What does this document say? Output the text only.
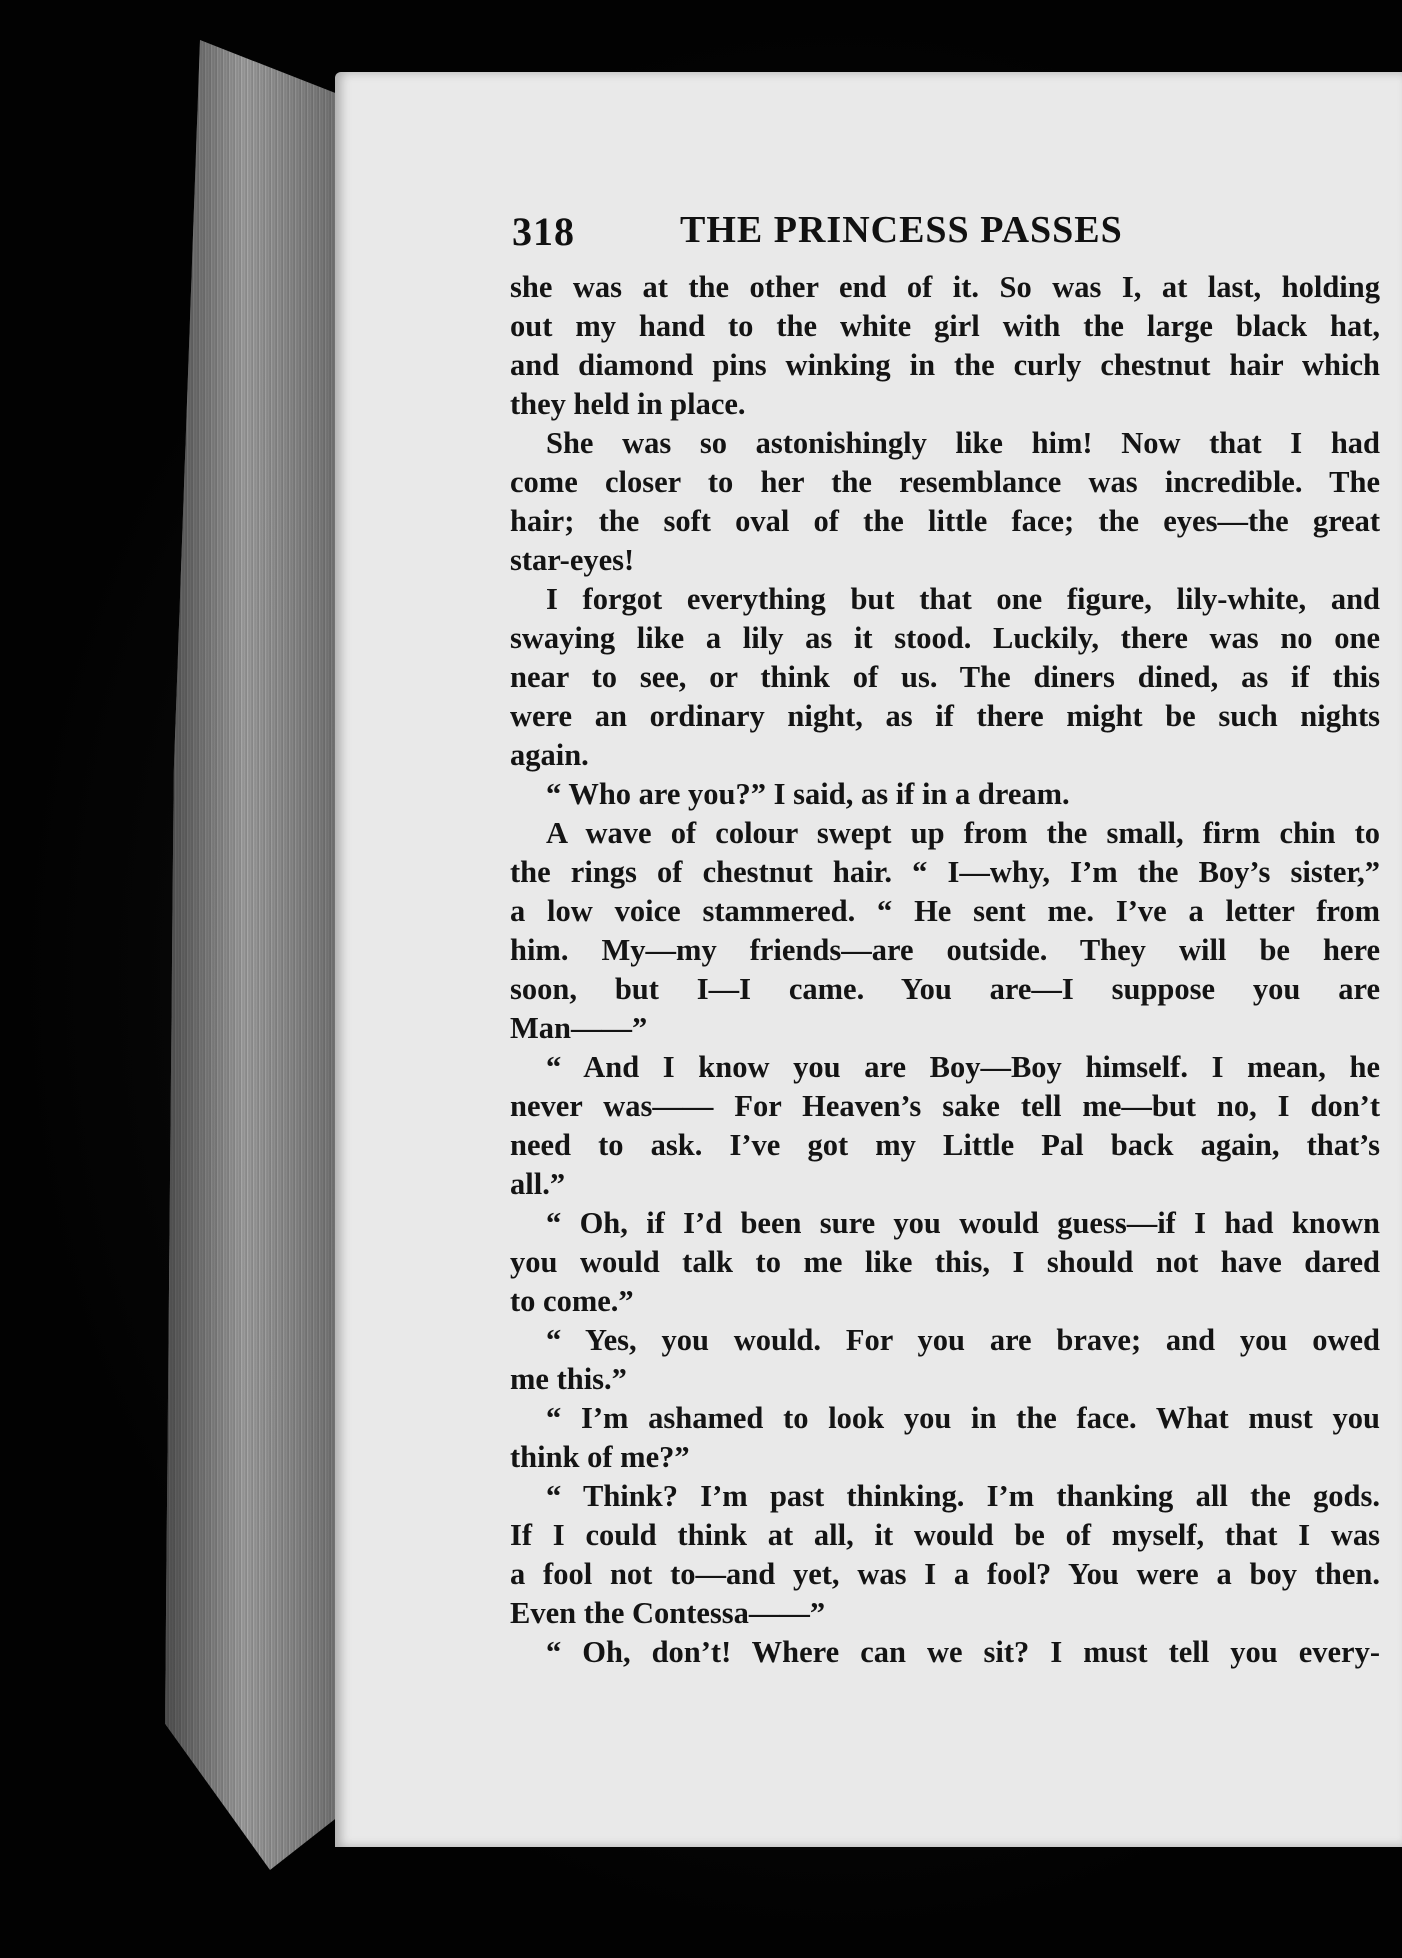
318	THE PRINCESS PASSES
she was at the other end of it. So was I, at last, holding
out my hand to the white girl with the large black hat,
and diamond pins winking in the curly chestnut hair which
they held in place.
She was so astonishingly like him! Now that I had
come closer to her the resemblance was incredible. The
hair; the soft oval of the little face; the eyes—the great
star-eyes!
I forgot everything but that one figure, lily-white, and
swaying like a lily as it stood. Luckily, there was no one
near to see, or think of us. The diners dined, as if this
were an ordinary night, as if there might be such nights
again.
“ Who are you?” I said, as if in a dream.
A wave of colour swept up from the small, firm chin to
the rings of chestnut hair. “ I—why, I’m the Boy’s sister,”
a low voice stammered. “ He sent me. I’ve a letter from
him. My—my friends—are outside. They will be here
soon, but I—I came. You are—I suppose you are
Man——”
“ And I know you are Boy—Boy himself. I mean, he
never was—— For Heaven’s sake tell me—but no, I don’t
need to ask. I’ve got my Little Pal back again, that’s
all.”
“ Oh, if I’d been sure you would guess—if I had known
you would talk to me like this, I should not have dared
to come.”
“ Yes, you would. For you are brave; and you owed
me this.”
“ I’m ashamed to look you in the face. What must you
think of me?”
“ Think? I’m past thinking. I’m thanking all the gods.
If I could think at all, it would be of myself, that I was
a fool not to—and yet, was I a fool? You were a boy then.
Even the Contessa——”
“ Oh, don’t! Where can we sit? I must tell you every-
